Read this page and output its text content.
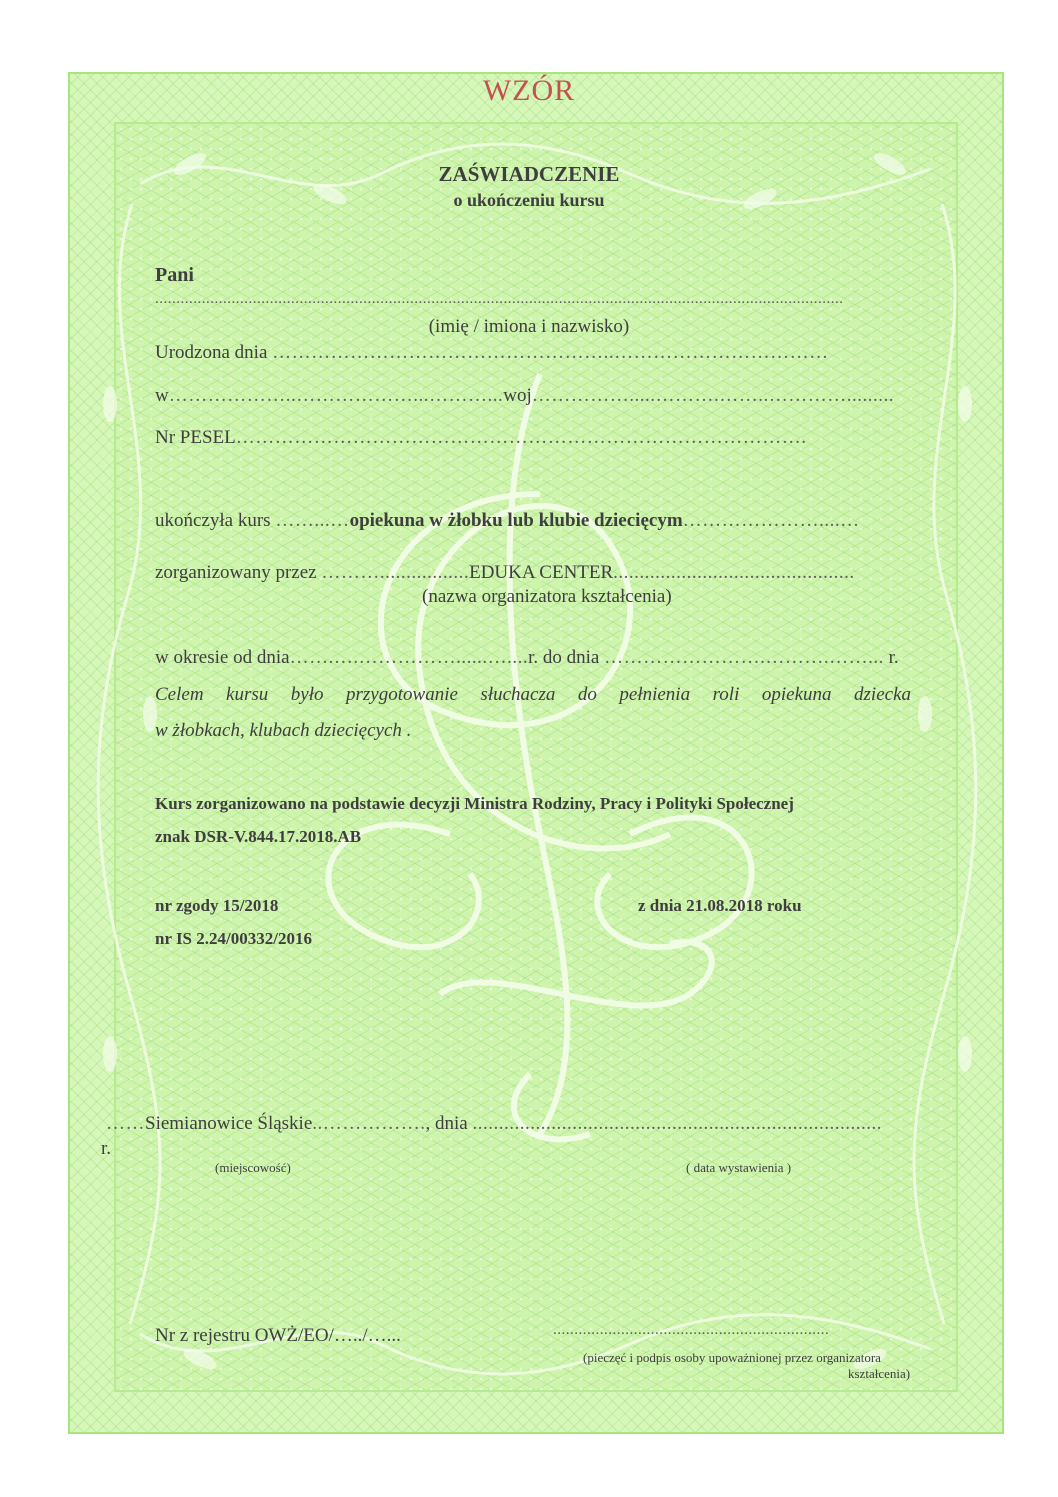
WZÓR
ZAŚWIADCZENIE
o ukończeniu kursu
Pani
..................................................................................................................................................................
(imię / imiona i nazwisko)
Urodzona dnia ……………………………………………..……………………………
w………………..………………...………...woj…………….....……….……..………….........
Nr PESEL…………………………………………………………………………….
ukończyła kurs ……...…opiekuna w żłobku lub klubie dziecięcym…………………....…
zorganizowany przez ……….................EDUKA CENTER..............................................
(nazwa organizatora kształcenia)
w okresie od dnia…….….……………......…....r. do dnia …………………….……….……... r.
Celem kursu było przygotowanie słuchacza do pełnienia roli opiekuna dziecka
w żłobkach, klubach dziecięcych .
Kurs zorganizowano na podstawie decyzji Ministra Rodziny, Pracy i Polityki Społecznej
znak DSR-V.844.17.2018.AB
nr zgody 15/2018	z dnia 21.08.2018 roku
nr IS 2.24/00332/2016
……Siemianowice Śląskie..……………., dnia ..............................................................................
r.
(miejscowość)	( data wystawienia )
Nr z rejestru OWŻ/EO/…../…...	.................................................................
(pieczęć i podpis osoby upoważnionej przez organizatora
kształcenia)
